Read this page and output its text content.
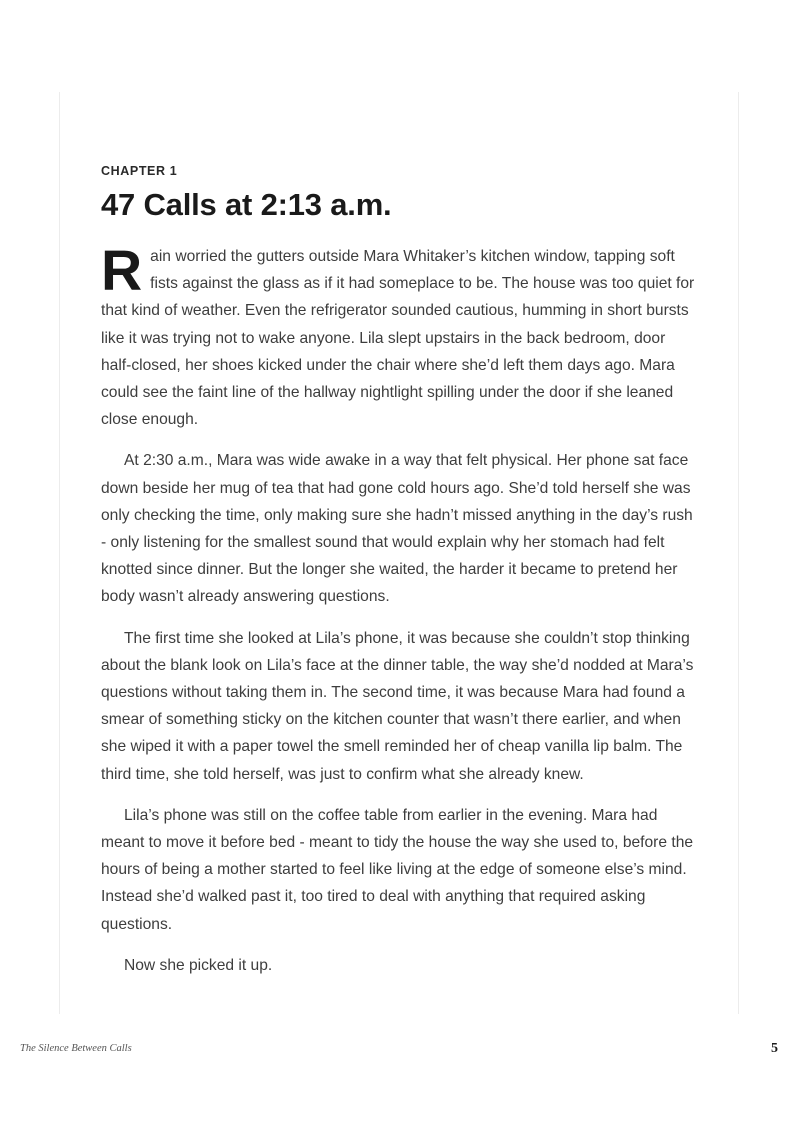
CHAPTER 1
47 Calls at 2:13 a.m.

Rain worried the gutters outside Mara Whitaker’s kitchen window, tapping soft fists against the glass as if it had someplace to be. The house was too quiet for that kind of weather. Even the refrigerator sounded cautious, humming in short bursts like it was trying not to wake anyone. Lila slept upstairs in the back bedroom, door half-closed, her shoes kicked under the chair where she’d left them days ago. Mara could see the faint line of the hallway nightlight spilling under the door if she leaned close enough.

At 2:30 a.m., Mara was wide awake in a way that felt physical. Her phone sat face down beside her mug of tea that had gone cold hours ago. She’d told herself she was only checking the time, only making sure she hadn’t missed anything in the day’s rush - only listening for the smallest sound that would explain why her stomach had felt knotted since dinner. But the longer she waited, the harder it became to pretend her body wasn’t already answering questions.

The first time she looked at Lila’s phone, it was because she couldn’t stop thinking about the blank look on Lila’s face at the dinner table, the way she’d nodded at Mara’s questions without taking them in. The second time, it was because Mara had found a smear of something sticky on the kitchen counter that wasn’t there earlier, and when she wiped it with a paper towel the smell reminded her of cheap vanilla lip balm. The third time, she told herself, was just to confirm what she already knew.

Lila’s phone was still on the coffee table from earlier in the evening. Mara had meant to move it before bed - meant to tidy the house the way she used to, before the hours of being a mother started to feel like living at the edge of someone else’s mind. Instead she’d walked past it, too tired to deal with anything that required asking questions.

Now she picked it up.

The Silence Between Calls	5
